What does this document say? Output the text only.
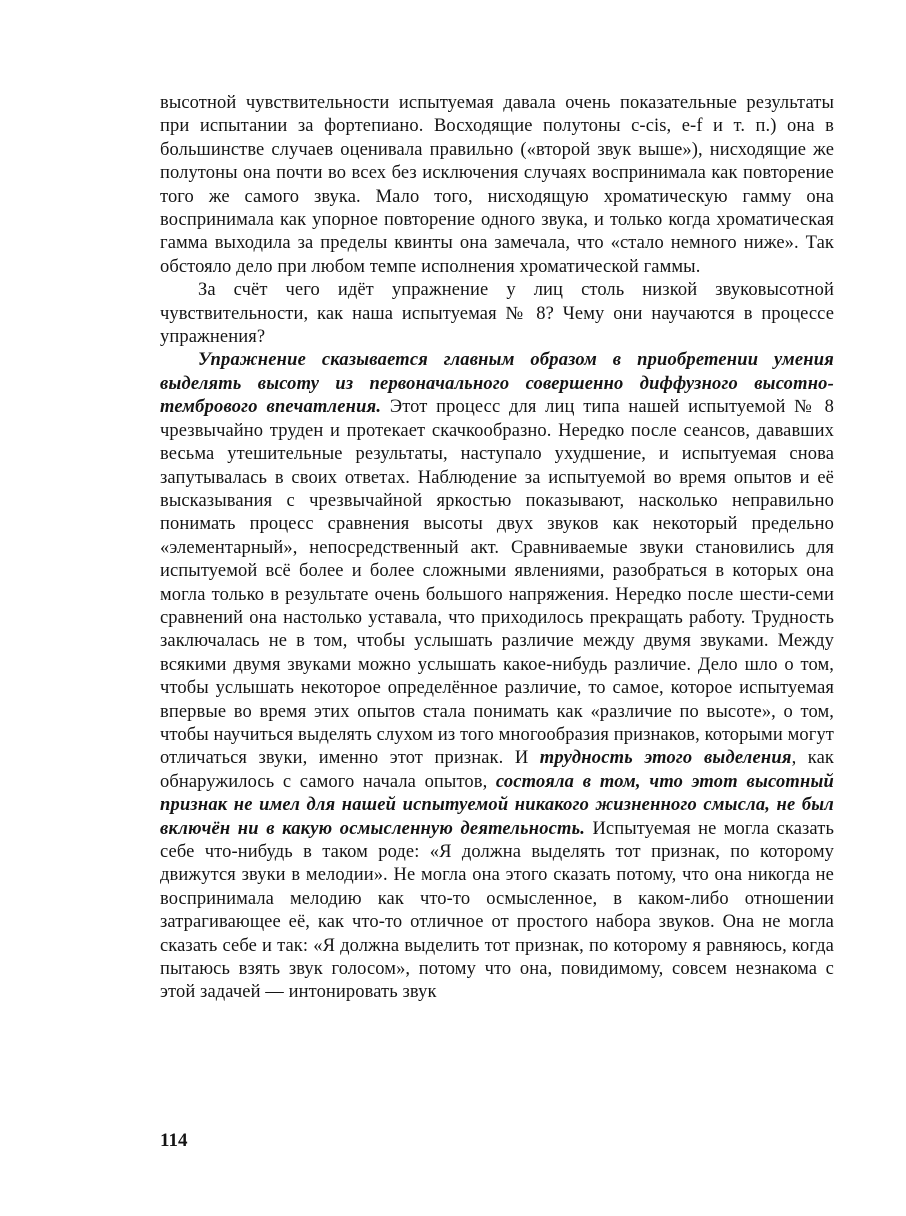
высотной чувствительности испытуемая давала очень показательные результаты при испытании за фортепиано. Восходящие полутоны c-cis, e-f и т. п.) она в большинстве случаев оценивала правильно («второй звук выше»), нисходящие же полутоны она почти во всех без исключения случаях воспринимала как повторение того же самого звука. Мало того, нисходящую хроматическую гамму она воспринимала как упорное повторение одного звука, и только когда хроматическая гамма выходила за пределы квинты она замечала, что «стало немного ниже». Так обстояло дело при любом темпе исполнения хроматической гаммы.

За счёт чего идёт упражнение у лиц столь низкой звуковысотной чувствительности, как наша испытуемая № 8? Чему они научаются в процессе упражнения?

Упражнение сказывается главным образом в приобретении умения выделять высоту из первоначального совершенно диффузного высотно-тембрового впечатления. Этот процесс для лиц типа нашей испытуемой № 8 чрезвычайно труден и протекает скачкообразно. Нередко после сеансов, дававших весьма утешительные результаты, наступало ухудшение, и испытуемая снова запутывалась в своих ответах. Наблюдение за испытуемой во время опытов и её высказывания с чрезвычайной яркостью показывают, насколько неправильно понимать процесс сравнения высоты двух звуков как некоторый предельно «элементарный», непосредственный акт. Сравниваемые звуки становились для испытуемой всё более и более сложными явлениями, разобраться в которых она могла только в результате очень большого напряжения. Нередко после шести-семи сравнений она настолько уставала, что приходилось прекращать работу. Трудность заключалась не в том, чтобы услышать различие между двумя звуками. Между всякими двумя звуками можно услышать какое-нибудь различие. Дело шло о том, чтобы услышать некоторое определённое различие, то самое, которое испытуемая впервые во время этих опытов стала понимать как «различие по высоте», о том, чтобы научиться выделять слухом из того многообразия признаков, которыми могут отличаться звуки, именно этот признак. И трудность этого выделения, как обнаружилось с самого начала опытов, состояла в том, что этот высотный признак не имел для нашей испытуемой никакого жизненного смысла, не был включён ни в какую осмысленную деятельность. Испытуемая не могла сказать себе что-нибудь в таком роде: «Я должна выделять тот признак, по которому движутся звуки в мелодии». Не могла она этого сказать потому, что она никогда не воспринимала мелодию как что-то осмысленное, в каком-либо отношении затрагивающее её, как что-то отличное от простого набора звуков. Она не могла сказать себе и так: «Я должна выделить тот признак, по которому я равняюсь, когда пытаюсь взять звук голосом», потому что она, повидимому, совсем незнакома с этой задачей — интонировать звук

114
